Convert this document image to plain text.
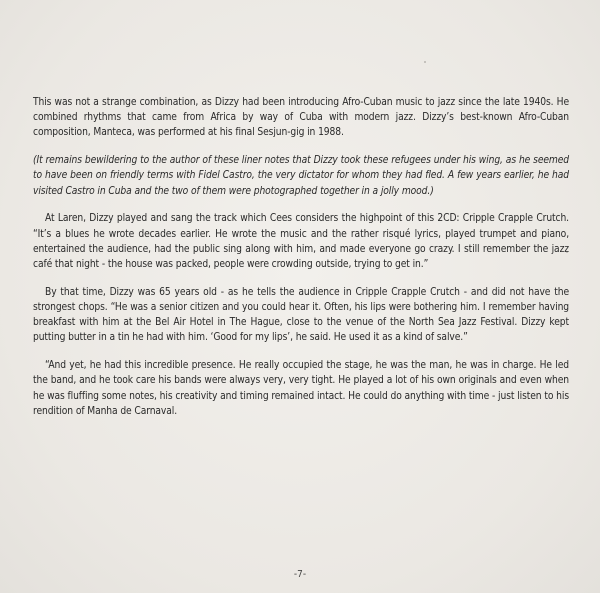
This was not a strange combination, as Dizzy had been introducing Afro-Cuban music to jazz since the late 1940s. He combined rhythms that came from Africa by way of Cuba with modern jazz. Dizzy’s best-known Afro-Cuban composition, Manteca, was performed at his final Sesjun-gig in 1988.

(It remains bewildering to the author of these liner notes that Dizzy took these refugees under his wing, as he seemed to have been on friendly terms with Fidel Castro, the very dictator for whom they had fled. A few years earlier, he had visited Castro in Cuba and the two of them were photographed together in a jolly mood.)

At Laren, Dizzy played and sang the track which Cees considers the highpoint of this 2CD: Cripple Crapple Crutch. “It’s a blues he wrote decades earlier. He wrote the music and the rather risqué lyrics, played trumpet and piano, entertained the audience, had the public sing along with him, and made everyone go crazy. I still remember the jazz café that night - the house was packed, people were crowding outside, trying to get in.”

By that time, Dizzy was 65 years old - as he tells the audience in Cripple Crapple Crutch - and did not have the strongest chops. “He was a senior citizen and you could hear it. Often, his lips were bothering him. I remember having breakfast with him at the Bel Air Hotel in The Hague, close to the venue of the North Sea Jazz Festival. Dizzy kept putting butter in a tin he had with him. ‘Good for my lips’, he said. He used it as a kind of salve.”

“And yet, he had this incredible presence. He really occupied the stage, he was the man, he was in charge. He led the band, and he took care his bands were always very, very tight. He played a lot of his own originals and even when he was fluffing some notes, his creativity and timing remained intact. He could do anything with time - just listen to his rendition of Manha de Carnaval.

-7-
